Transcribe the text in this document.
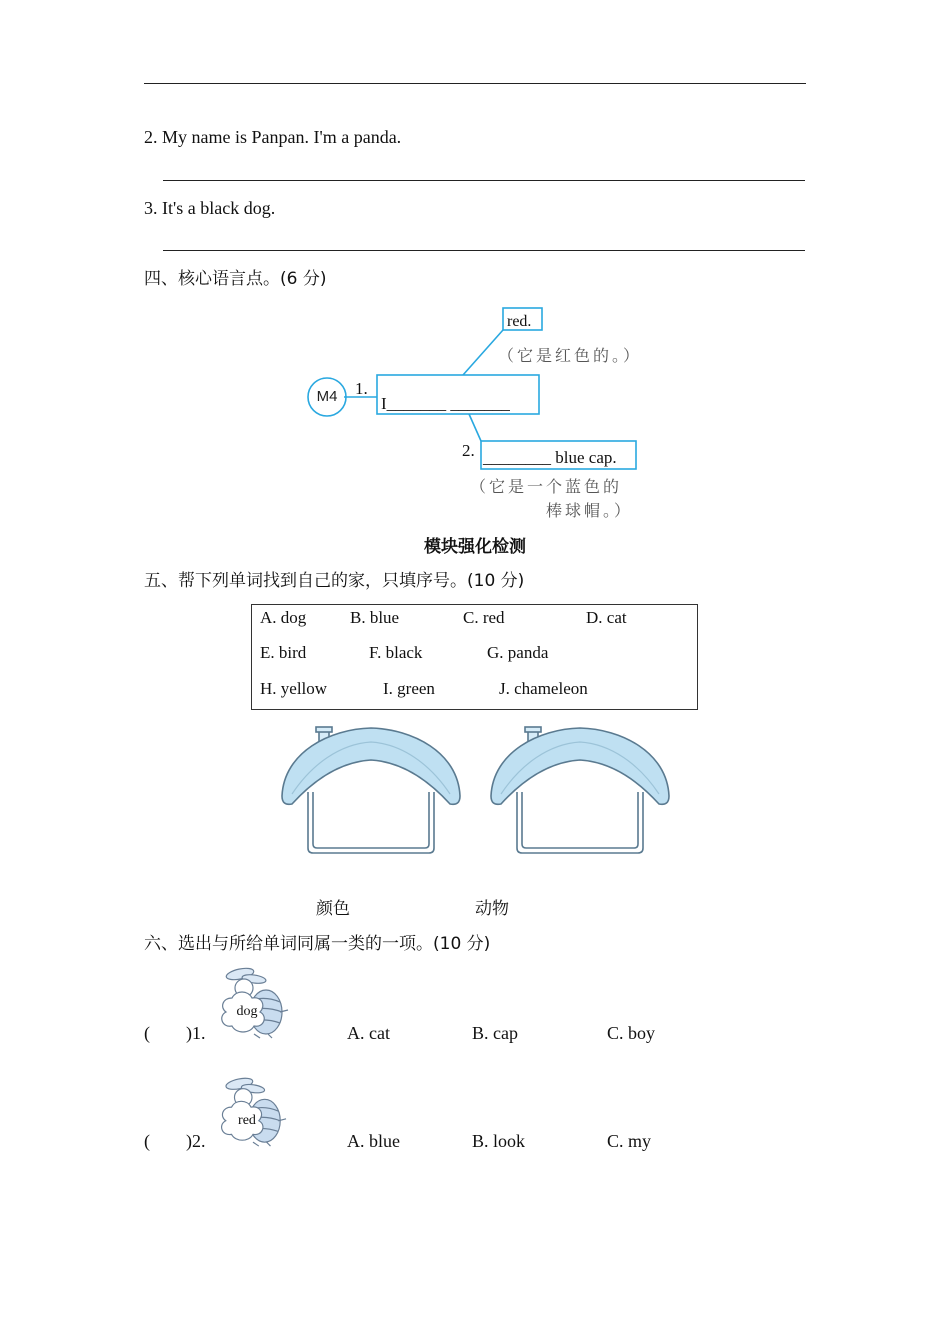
2. My name is Panpan. I'm a panda.
3. It's a black dog.
四、核心语言点。(6 分)
M4	1.
I_______ _______
red.
（它是红色的。）
2. ________ blue cap.
（它是一个蓝色的
棒球帽。）
模块强化检测
五、帮下列单词找到自己的家，只填序号。(10 分)
A. dog	B. blue	C. red	D. cat
E. bird	F. black	G. panda
H. yellow	I. green	J. chameleon
颜色	动物
六、选出与所给单词同属一类的一项。(10 分)
(　　)1.
dog
A. cat	B. cap	C. boy
(　　)2.
red
A. blue	B. look	C. my
